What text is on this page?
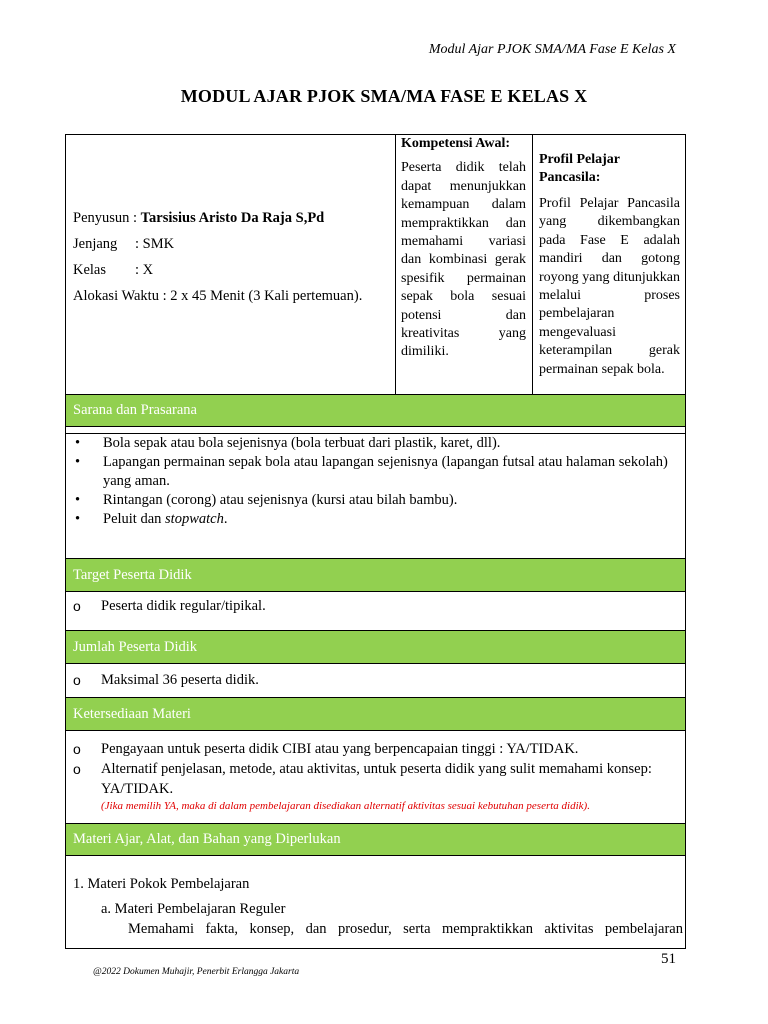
Modul Ajar PJOK SMA/MA Fase E Kelas X
MODUL AJAR PJOK SMA/MA FASE E KELAS X

Penyusun : Tarsisius Aristo Da Raja S,Pd

Jenjang : SMK

Kelas : X

Alokasi Waktu : 2 x 45 Menit (3 Kali pertemuan).

Kompetensi Awal:

Peserta didik telah dapat menunjukkan kemampuan dalam mempraktikkan dan memahami variasi dan kombinasi gerak spesifik permainan sepak bola sesuai potensi dan kreativitas yang dimiliki.

Profil Pelajar Pancasila:

Profil Pelajar Pancasila yang dikembangkan pada Fase E adalah mandiri dan gotong royong yang ditunjukkan melalui proses pembelajaran mengevaluasi keterampilan gerak permainan sepak bola.

Sarana dan Prasarana
• Bola sepak atau bola sejenisnya (bola terbuat dari plastik, karet, dll).
• Lapangan permainan sepak bola atau lapangan sejenisnya (lapangan futsal atau halaman sekolah) yang aman.
• Rintangan (corong) atau sejenisnya (kursi atau bilah bambu).
• Peluit dan stopwatch.
Target Peserta Didik
o Peserta didik regular/tipikal.
Jumlah Peserta Didik
o Maksimal 36 peserta didik.
Ketersediaan Materi
o Pengayaan untuk peserta didik CIBI atau yang berpencapaian tinggi : YA/TIDAK.
o Alternatif penjelasan, metode, atau aktivitas, untuk peserta didik yang sulit memahami konsep: YA/TIDAK.
(Jika memilih YA, maka di dalam pembelajaran disediakan alternatif aktivitas sesuai kebutuhan peserta didik).
Materi Ajar, Alat, dan Bahan yang Diperlukan
1. Materi Pokok Pembelajaran
a. Materi Pembelajaran Reguler
Memahami fakta, konsep, dan prosedur, serta mempraktikkan aktivitas pembelajaran
51
@2022 Dokumen Muhajir, Penerbit Erlangga Jakarta
